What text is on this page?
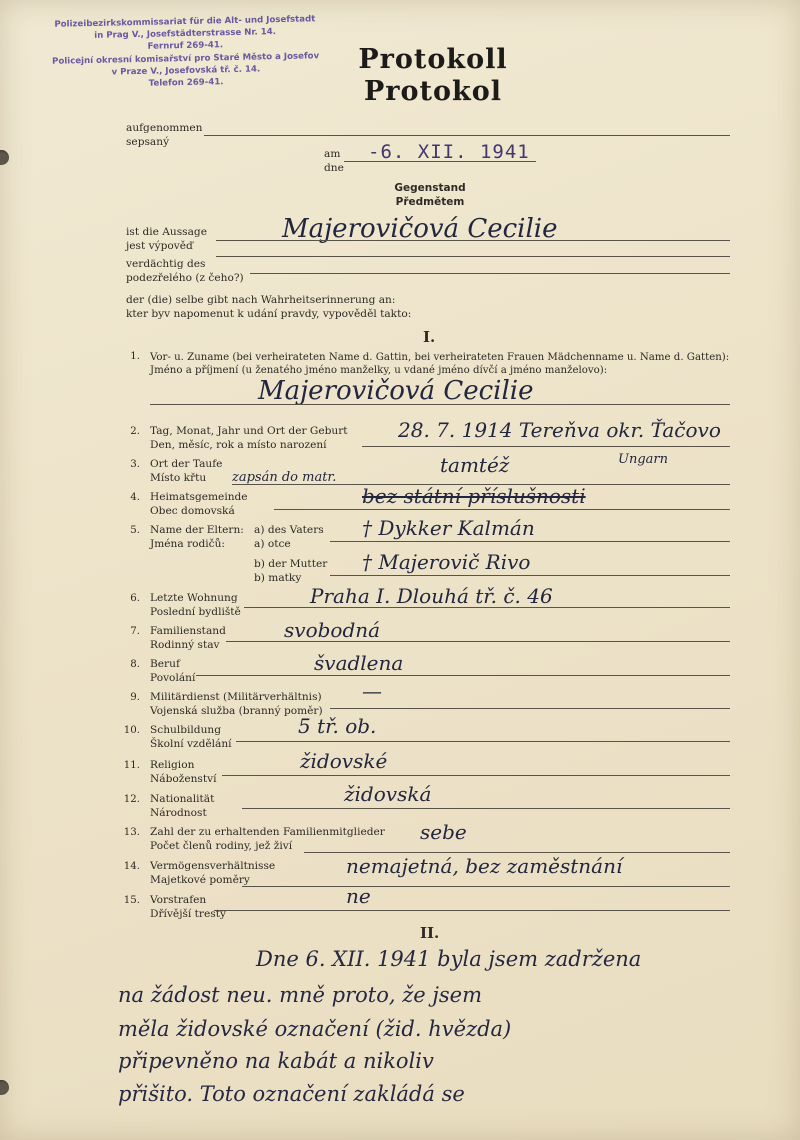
Polizeibezirkskommissariat für die Alt- und Josefstadt
in Prag V., Josefstädterstrasse Nr. 14.
Fernruf 269-41.
Policejní okresní komisařství pro Staré Město a Josefov
v Praze V., Josefovská tř. č. 14.
Telefon 269-41.
Protokoll
Protokol
aufgenommen
sepsaný
am
dne
-6. XII. 1941
Gegenstand
Předmětem
ist die Aussage
jest výpověď
Majerovičová Cecilie
verdächtig des
podezřelého (z čeho?)
der (die) selbe gibt nach Wahrheitserinnerung an:
kter byv napomenut k udání pravdy, vypověděl takto:
I.
1. Vor- u. Zuname (bei verheirateten Name d. Gattin, bei verheirateten Frauen Mädchenname u. Name d. Gatten):
Jméno a příjmení (u ženatého jméno manželky, u vdané jméno dívčí a jméno manželovo):
Majerovičová Cecilie
2. Tag, Monat, Jahr und Ort der Geburt
Den, měsíc, rok a místo narození
28. 7. 1914 Tereňva okr. Ťačovo
Ungarn
3. Ort der Taufe
Místo křtu zapsán do matr.
tamtéž
4. Heimatsgemeinde
Obec domovská
bez státní příslušnosti
5. Name der Eltern:
Jména rodičů:
a) des Vaters
a) otce
† Dykker Kalmán
b) der Mutter
b) matky
† Majerovič Rivo
6. Letzte Wohnung
Poslední bydliště
Praha I. Dlouhá tř. č. 46
7. Familienstand
Rodinný stav
svobodná
8. Beruf
Povolání
švadlena
9. Militärdienst (Militärverhältnis)
Vojenská služba (branný poměr)
—
10. Schulbildung
Školní vzdělání
5 tř. ob.
11. Religion
Náboženství
židovské
12. Nationalität
Národnost
židovská
13. Zahl der zu erhaltenden Familienmitglieder
Počet členů rodiny, jež živí
sebe
14. Vermögensverhältnisse
Majetkové poměry
nemajetná, bez zaměstnání
15. Vorstrafen
Dřívější tresty
ne
II.
Dne 6. XII. 1941 byla jsem zadržena
na žádost neu. mně proto, že jsem
měla židovské označení (žid. hvězda)
připevněno na kabát a nikoliv
přišito. Toto označení zakládá se
